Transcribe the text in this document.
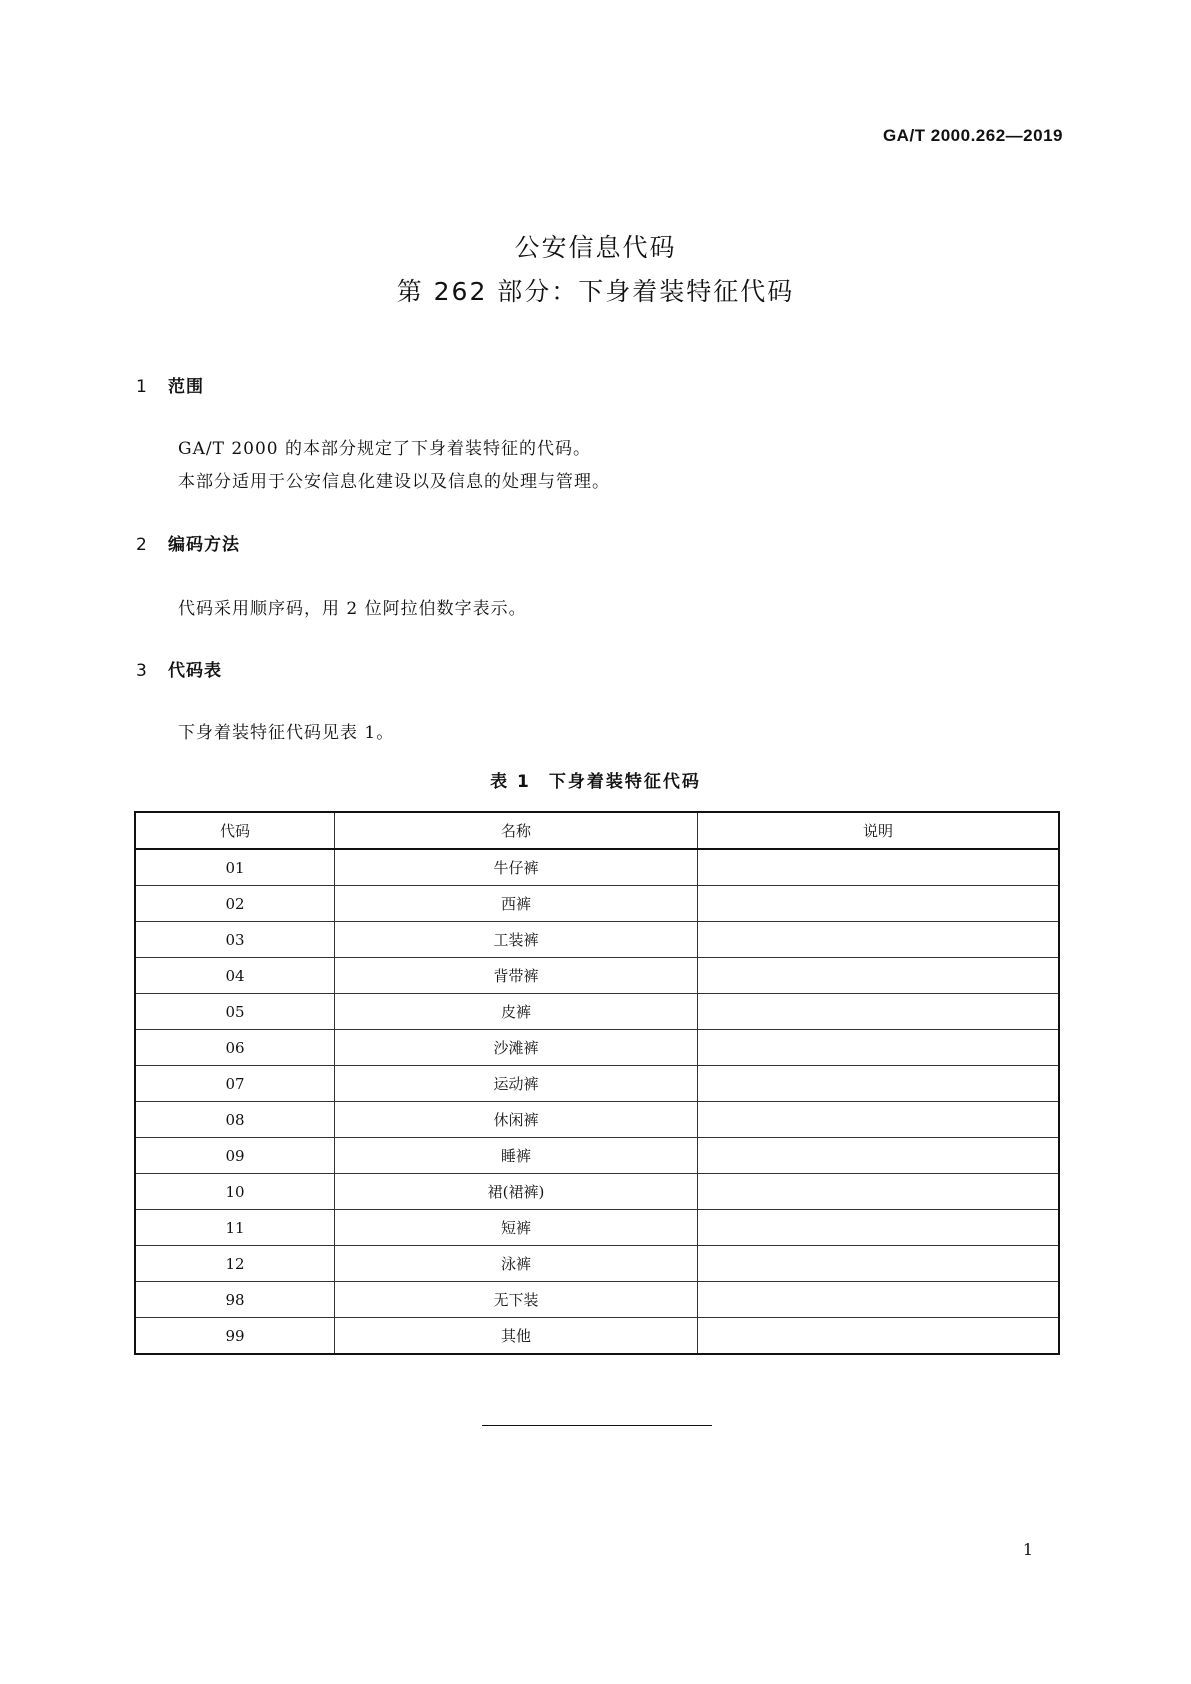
GA/T 2000.262—2019
公安信息代码
第 262 部分：下身着装特征代码
1 范围
GA/T 2000 的本部分规定了下身着装特征的代码。
本部分适用于公安信息化建设以及信息的处理与管理。
2 编码方法
代码采用顺序码，用 2 位阿拉伯数字表示。
3 代码表
下身着装特征代码见表 1。
表 1 下身着装特征代码
代码	名称	说明
01	牛仔裤	
02	西裤	
03	工装裤	
04	背带裤	
05	皮裤	
06	沙滩裤	
07	运动裤	
08	休闲裤	
09	睡裤	
10	裙(裙裤)	
11	短裤	
12	泳裤	
98	无下装	
99	其他	
1
